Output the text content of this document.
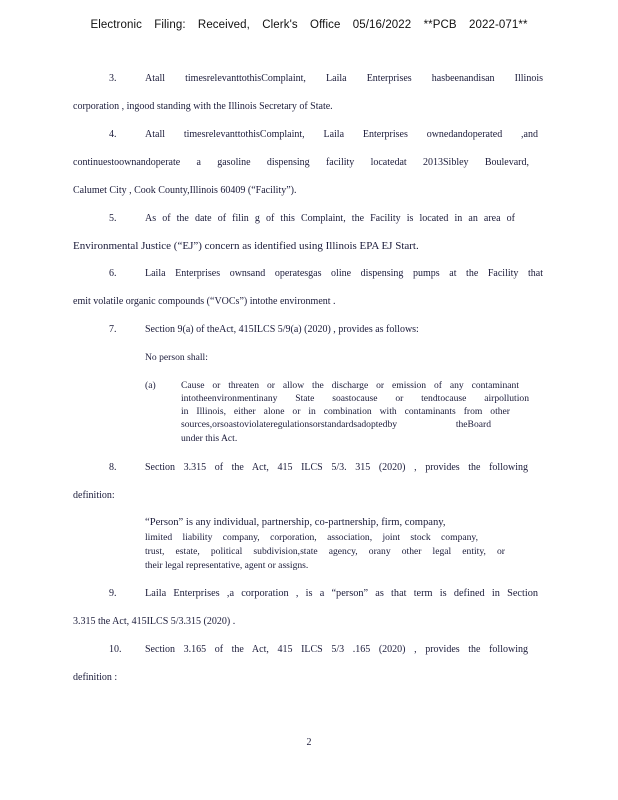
Electronic Filing: Received, Clerk's Office 05/16/2022 **PCB 2022-071**
3.	Atall timesrelevanttothisComplaint, Laila Enterprises hasbeenandisan Illinois
corporation , ingood standing with the Illinois Secretary of State.
4.	Atall timesrelevanttothisComplaint, Laila Enterprises ownedandoperated ,and
continuestoownandoperate a gasoline dispensing facility locatedat 2013Sibley Boulevard,
Calumet City , Cook County,Illinois 60409 (“Facility”).
5.	As of the date of filin g of this Complaint, the Facility is located in an area of
Environmental Justice (“EJ”) concern as identified using Illinois EPA EJ Start.
6.	Laila Enterprises ownsand operatesgas oline dispensing pumps at the Facility that
emit volatile organic compounds (“VOCs”) intothe environment .
7.	Section 9(a) of theAct, 415ILCS 5/9(a) (2020) , provides as follows:
No person shall:
(a)	Cause or threaten or allow the discharge or emission of any contaminant
intotheenvironmentinany State soastocause or tendtocause airpollution
in Illinois, either alone or in combination with contaminants from other
sources,orsoastoviolateregulationsorstandardsadoptedby theBoard
under this Act.
8.	Section 3.315 of the Act, 415 ILCS 5/3. 315 (2020) , provides the following
definition:
“Person” is any individual, partnership, co-partnership, firm, company,
limited liability company, corporation, association, joint stock company,
trust, estate, political subdivision,state agency, orany other legal entity, or
their legal representative, agent or assigns.
9.	Laila Enterprises ,a corporation , is a “person” as that term is defined in Section
3.315 the Act, 415ILCS 5/3.315 (2020) .
10. Section 3.165 of the Act, 415 ILCS 5/3 .165 (2020) , provides the following
definition :
2
